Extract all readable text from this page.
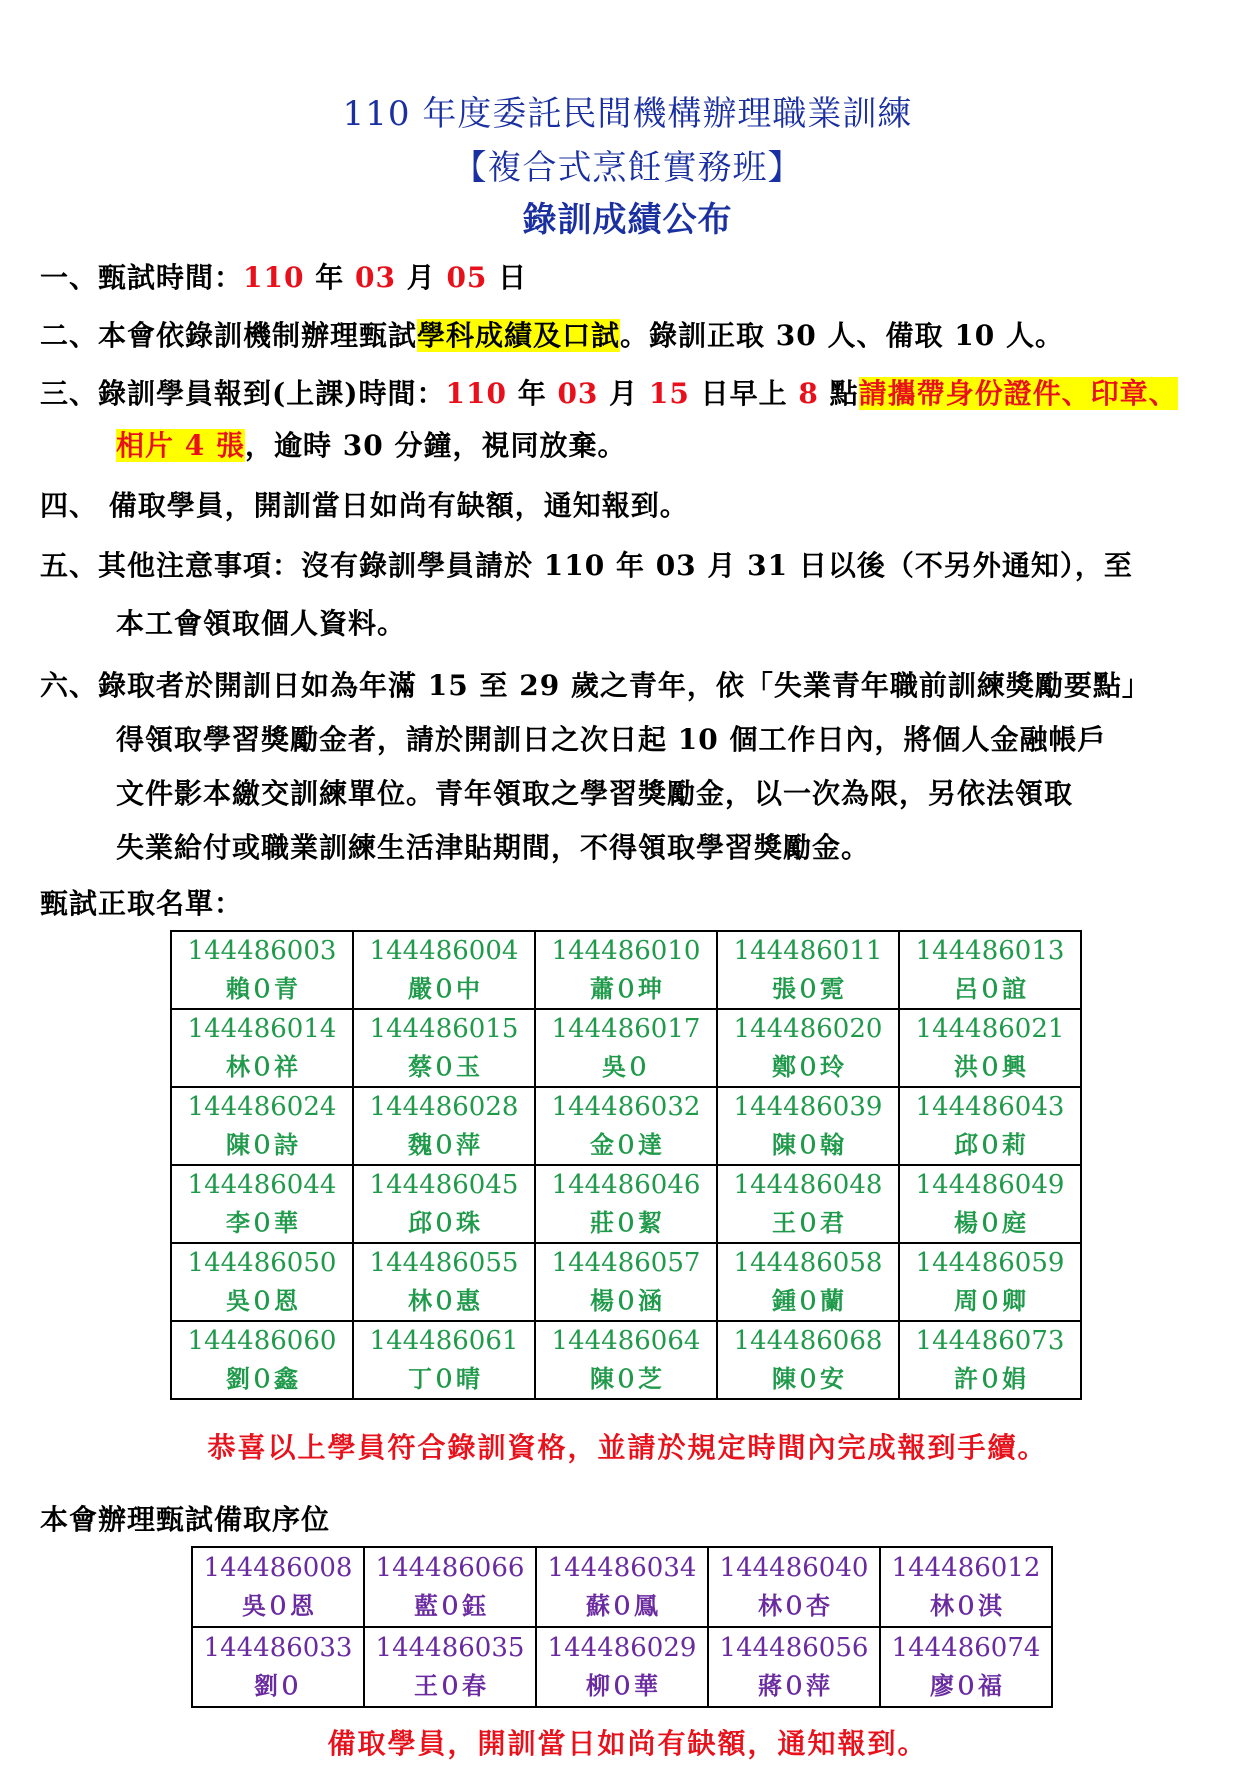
110 年度委託民間機構辦理職業訓練
【複合式烹飪實務班】
錄訓成績公布
一、甄試時間：110 年 03 月 05 日
二、本會依錄訓機制辦理甄試學科成績及口試。錄訓正取 30 人、備取 10 人。
三、錄訓學員報到(上課)時間：110 年 03 月 15 日早上 8 點請攜帶身份證件、印章、
相片 4 張，逾時 30 分鐘，視同放棄。
四、 備取學員，開訓當日如尚有缺額，通知報到。
五、其他注意事項：沒有錄訓學員請於 110 年 03 月 31 日以後（不另外通知），至
本工會領取個人資料。
六、錄取者於開訓日如為年滿 15 至 29 歲之青年，依「失業青年職前訓練獎勵要點」
得領取學習獎勵金者，請於開訓日之次日起 10 個工作日內，將個人金融帳戶
文件影本繳交訓練單位。青年領取之學習獎勵金，以一次為限，另依法領取
失業給付或職業訓練生活津貼期間，不得領取學習獎勵金。
甄試正取名單：
144486003
賴０青	144486004
嚴０中	144486010
蕭０珅	144486011
張０霓	144486013
呂０誼

144486014
林０祥	144486015
蔡０玉	144486017
吳０	144486020
鄭０玲	144486021
洪０興

144486024
陳０詩	144486028
魏０萍	144486032
金０達	144486039
陳０翰	144486043
邱０莉

144486044
李０華	144486045
邱０珠	144486046
莊０絜	144486048
王０君	144486049
楊０庭

144486050
吳０恩	144486055
林０惠	144486057
楊０涵	144486058
鍾０蘭	144486059
周０卿

144486060
劉０鑫	144486061
丁０晴	144486064
陳０芝	144486068
陳０安	144486073
許０娟
恭喜以上學員符合錄訓資格，並請於規定時間內完成報到手續。
本會辦理甄試備取序位
144486008
吳０恩	144486066
藍０鈺	144486034
蘇０鳳	144486040
林０杏	144486012
林０淇

144486033
劉０	144486035
王０春	144486029
柳０華	144486056
蔣０萍	144486074
廖０福
備取學員，開訓當日如尚有缺額，通知報到。
